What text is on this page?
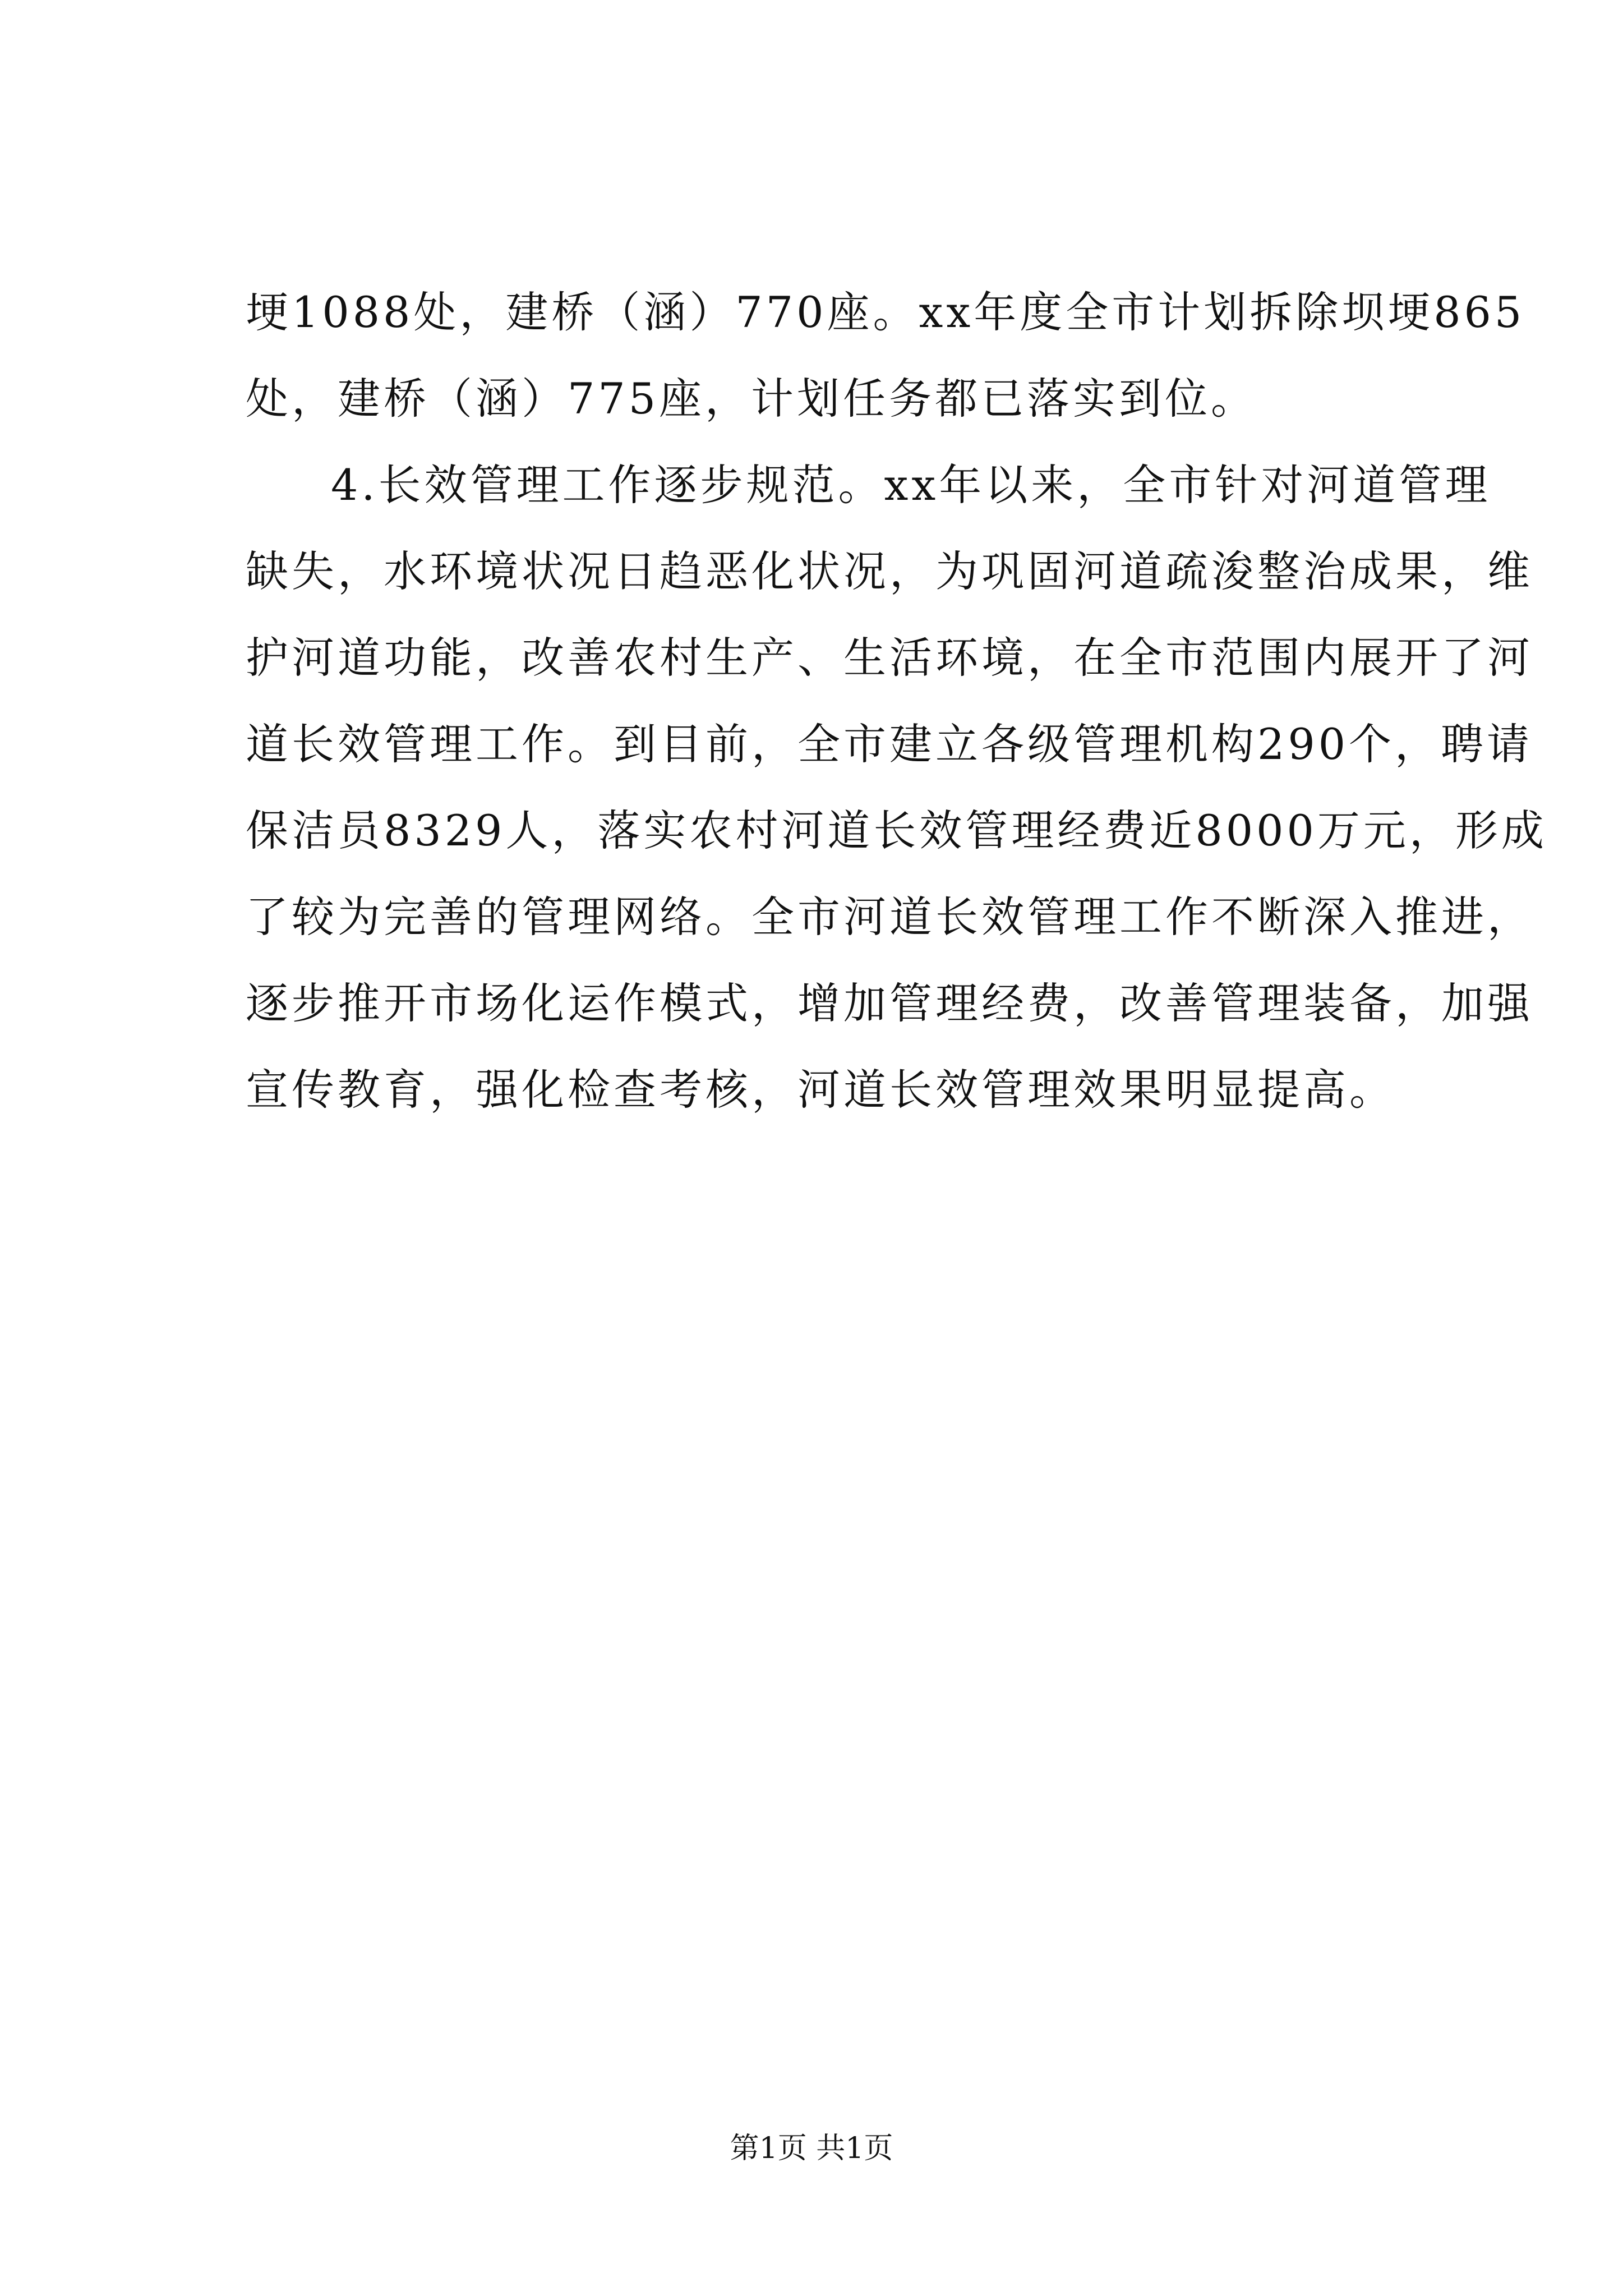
埂1088处，建桥（涵）770座。xx年度全市计划拆除坝埂865
处，建桥（涵）775座，计划任务都已落实到位。
4.长效管理工作逐步规范。xx年以来，全市针对河道管理
缺失，水环境状况日趋恶化状况，为巩固河道疏浚整治成果，维
护河道功能，改善农村生产、生活环境，在全市范围内展开了河
道长效管理工作。到目前，全市建立各级管理机构290个，聘请
保洁员8329人，落实农村河道长效管理经费近8000万元，形成
了较为完善的管理网络。全市河道长效管理工作不断深入推进，
逐步推开市场化运作模式，增加管理经费，改善管理装备，加强
宣传教育，强化检查考核，河道长效管理效果明显提高。
第1页 共1页
